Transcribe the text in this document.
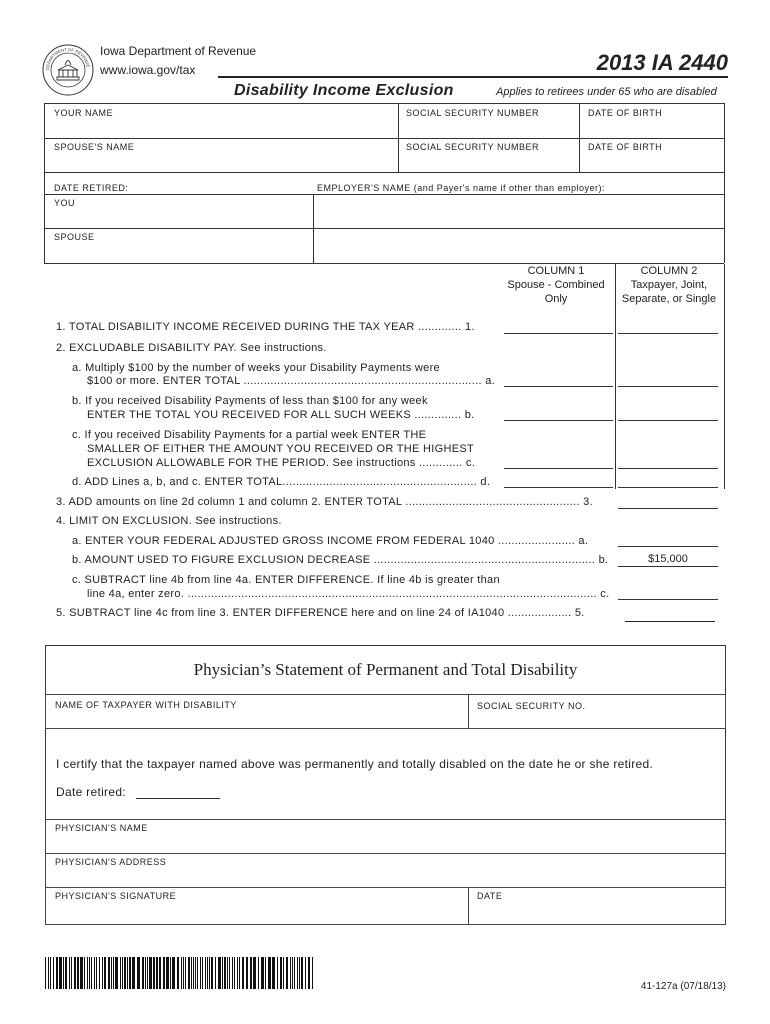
DEPARTMENT OF REVENUE
Iowa Department of Revenue
www.iowa.gov/tax	2013 IA 2440
Disability Income Exclusion	Applies to retirees under 65 who are disabled
YOUR NAME	SOCIAL SECURITY NUMBER	DATE OF BIRTH
SPOUSE'S NAME	SOCIAL SECURITY NUMBER	DATE OF BIRTH
DATE RETIRED:	EMPLOYER'S NAME (and Payer's name if other than employer):
YOU
SPOUSE
COLUMN 1
Spouse - Combined
Only
COLUMN 2
Taxpayer, Joint,
Separate, or Single
1. TOTAL DISABILITY INCOME RECEIVED DURING THE TAX YEAR ............. 1.
2. EXCLUDABLE DISABILITY PAY. See instructions.
a. Multiply $100 by the number of weeks your Disability Payments were
$100 or more. ENTER TOTAL ....................................................................... a.
b. If you received Disability Payments of less than $100 for any week
ENTER THE TOTAL YOU RECEIVED FOR ALL SUCH WEEKS .............. b.
c. If you received Disability Payments for a partial week ENTER THE
SMALLER OF EITHER THE AMOUNT YOU RECEIVED OR THE HIGHEST
EXCLUSION ALLOWABLE FOR THE PERIOD. See instructions ............. c.
d. ADD Lines a, b, and c. ENTER TOTAL.......................................................... d.
3. ADD amounts on line 2d column 1 and column 2. ENTER TOTAL .................................................... 3.
4. LIMIT ON EXCLUSION. See instructions.
a. ENTER YOUR FEDERAL ADJUSTED GROSS INCOME FROM FEDERAL 1040 ....................... a.
b. AMOUNT USED TO FIGURE EXCLUSION DECREASE .................................................................. b.	$15,000
c. SUBTRACT line 4b from line 4a. ENTER DIFFERENCE. If line 4b is greater than
line 4a, enter zero. .......................................................................................................................... c.
5. SUBTRACT line 4c from line 3. ENTER DIFFERENCE here and on line 24 of IA1040 ................... 5.
Physician’s Statement of Permanent and Total Disability
NAME OF TAXPAYER WITH DISABILITY	SOCIAL SECURITY NO.
I certify that the taxpayer named above was permanently and totally disabled on the date he or she retired.
Date retired:
PHYSICIAN'S NAME
PHYSICIAN'S ADDRESS
PHYSICIAN'S SIGNATURE	DATE
41-127a (07/18/13)
